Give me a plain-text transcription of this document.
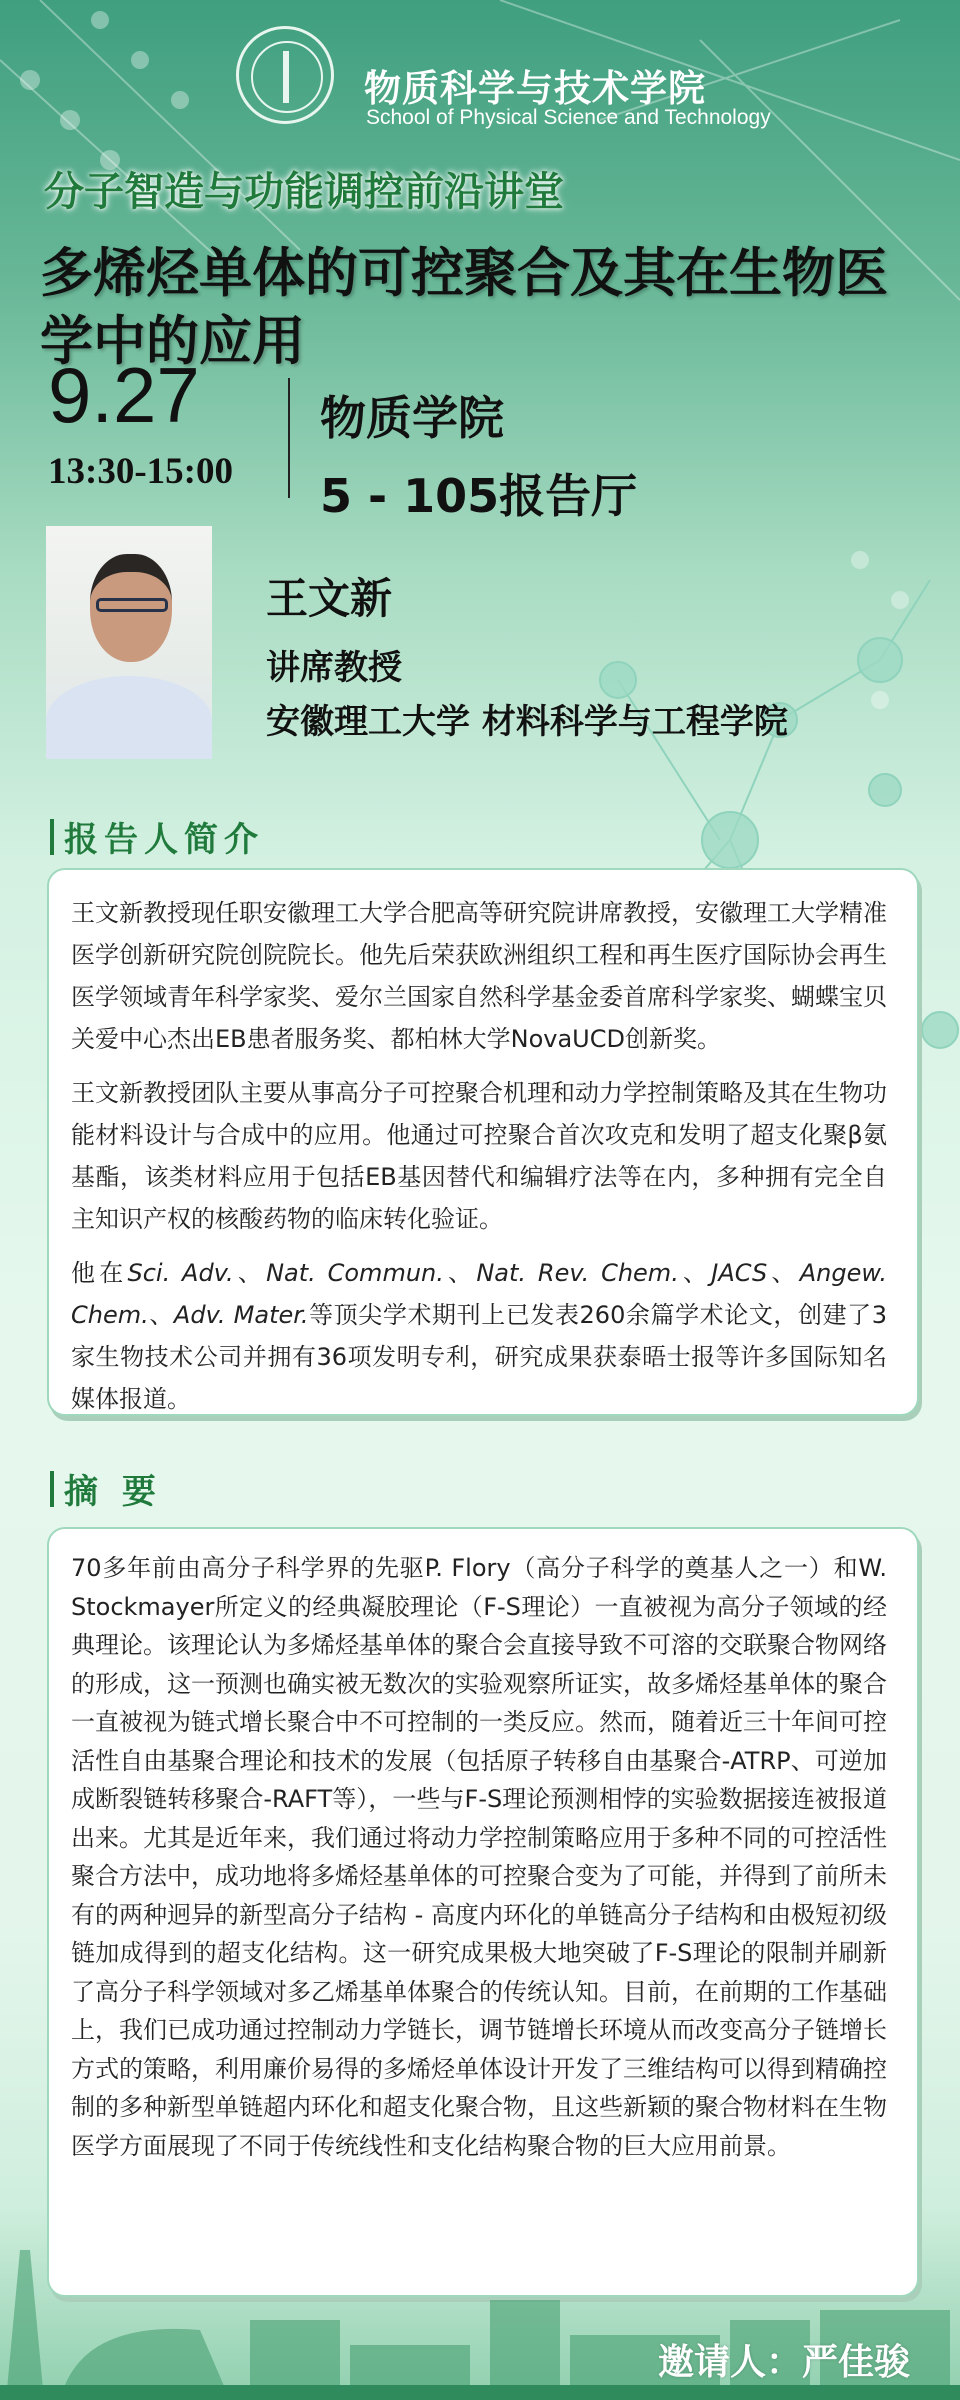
物质科学与技术学院
School of Physical Science and Technology
分子智造与功能调控前沿讲堂
多烯烃单体的可控聚合及其在生物医学中的应用
9.27
13:30-15:00
物质学院
5 - 105报告厅
王文新
讲席教授
安徽理工大学 材料科学与工程学院
报告人简介

王文新教授现任职安徽理工大学合肥高等研究院讲席教授，安徽理工大学精准医学创新研究院创院院长。他先后荣获欧洲组织工程和再生医疗国际协会再生医学领域青年科学家奖、爱尔兰国家自然科学基金委首席科学家奖、蝴蝶宝贝关爱中心杰出EB患者服务奖、都柏林大学NovaUCD创新奖。

王文新教授团队主要从事高分子可控聚合机理和动力学控制策略及其在生物功能材料设计与合成中的应用。他通过可控聚合首次攻克和发明了超支化聚β氨基酯，该类材料应用于包括EB基因替代和编辑疗法等在内，多种拥有完全自主知识产权的核酸药物的临床转化验证。

他在Sci. Adv.、Nat. Commun.、Nat. Rev. Chem.、JACS、Angew. Chem.、Adv. Mater.等顶尖学术期刊上已发表260余篇学术论文，创建了3家生物技术公司并拥有36项发明专利，研究成果获泰晤士报等许多国际知名媒体报道。

摘 要

70多年前由高分子科学界的先驱P. Flory（高分子科学的奠基人之一）和W. Stockmayer所定义的经典凝胶理论（F-S理论）一直被视为高分子领域的经典理论。该理论认为多烯烃基单体的聚合会直接导致不可溶的交联聚合物网络的形成，这一预测也确实被无数次的实验观察所证实，故多烯烃基单体的聚合一直被视为链式增长聚合中不可控制的一类反应。然而，随着近三十年间可控活性自由基聚合理论和技术的发展（包括原子转移自由基聚合-ATRP、可逆加成断裂链转移聚合-RAFT等），一些与F-S理论预测相悖的实验数据接连被报道出来。尤其是近年来，我们通过将动力学控制策略应用于多种不同的可控活性聚合方法中，成功地将多烯烃基单体的可控聚合变为了可能，并得到了前所未有的两种迥异的新型高分子结构 - 高度内环化的单链高分子结构和由极短初级链加成得到的超支化结构。这一研究成果极大地突破了F-S理论的限制并刷新了高分子科学领域对多乙烯基单体聚合的传统认知。目前，在前期的工作基础上，我们已成功通过控制动力学链长，调节链增长环境从而改变高分子链增长方式的策略，利用廉价易得的多烯烃单体设计开发了三维结构可以得到精确控制的多种新型单链超内环化和超支化聚合物，且这些新颖的聚合物材料在生物医学方面展现了不同于传统线性和支化结构聚合物的巨大应用前景。

邀请人：严佳骏
